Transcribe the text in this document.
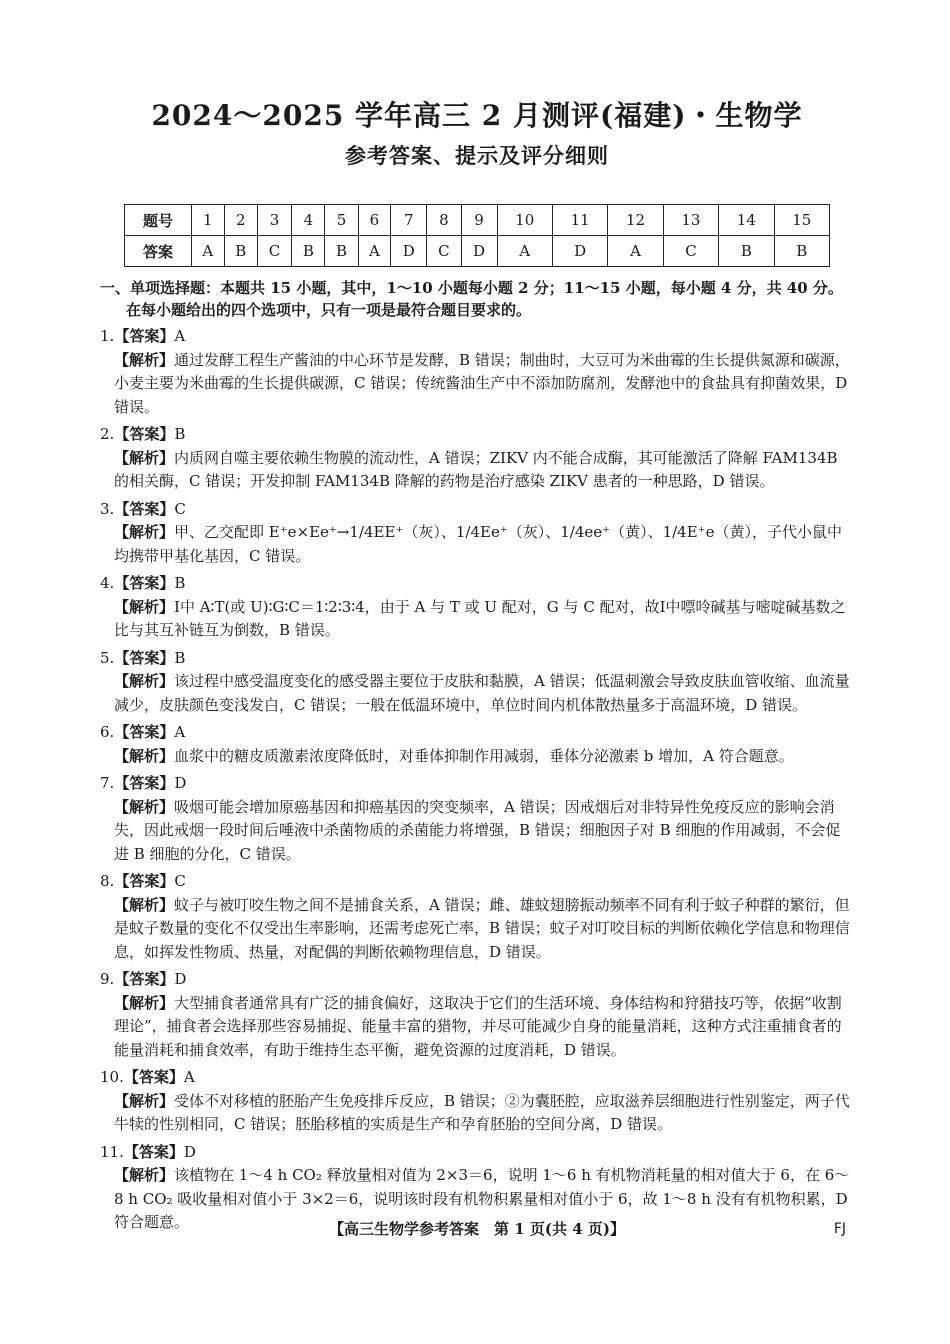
2024～2025 学年高三 2 月测评(福建)・生物学
参考答案、提示及评分细则
题号	1	2	3	4	5	6	7	8	9	10	11	12	13	14	15
答案	A	B	C	B	B	A	D	C	D	A	D	A	C	B	B
一、单项选择题：本题共 15 小题，其中，1～10 小题每小题 2 分；11～15 小题，每小题 4 分，共 40 分。在每小题给出的四个选项中，只有一项是最符合题目要求的。
1.【答案】A
【解析】通过发酵工程生产酱油的中心环节是发酵，B 错误；制曲时，大豆可为米曲霉的生长提供氮源和碳源，小麦主要为米曲霉的生长提供碳源，C 错误；传统酱油生产中不添加防腐剂，发酵池中的食盐具有抑菌效果，D 错误。
2.【答案】B
【解析】内质网自噬主要依赖生物膜的流动性，A 错误；ZIKV 内不能合成酶，其可能激活了降解 FAM134B 的相关酶，C 错误；开发抑制 FAM134B 降解的药物是治疗感染 ZIKV 患者的一种思路，D 错误。
3.【答案】C
【解析】甲、乙交配即 E⁺e×Ee⁺→1/4EE⁺（灰）、1/4Ee⁺（灰）、1/4ee⁺（黄）、1/4E⁺e（黄），子代小鼠中均携带甲基化基因，C 错误。
4.【答案】B
【解析】Ⅰ中 A∶T(或 U)∶G∶C＝1∶2∶3∶4，由于 A 与 T 或 U 配对，G 与 C 配对，故Ⅰ中嘌呤碱基与嘧啶碱基数之比与其互补链互为倒数，B 错误。
5.【答案】B
【解析】该过程中感受温度变化的感受器主要位于皮肤和黏膜，A 错误；低温刺激会导致皮肤血管收缩、血流量减少，皮肤颜色变浅发白，C 错误；一般在低温环境中，单位时间内机体散热量多于高温环境，D 错误。
6.【答案】A
【解析】血浆中的糖皮质激素浓度降低时，对垂体抑制作用减弱，垂体分泌激素 b 增加，A 符合题意。
7.【答案】D
【解析】吸烟可能会增加原癌基因和抑癌基因的突变频率，A 错误；因戒烟后对非特异性免疫反应的影响会消失，因此戒烟一段时间后唾液中杀菌物质的杀菌能力将增强，B 错误；细胞因子对 B 细胞的作用减弱，不会促进 B 细胞的分化，C 错误。
8.【答案】C
【解析】蚊子与被叮咬生物之间不是捕食关系，A 错误；雌、雄蚊翅膀振动频率不同有利于蚊子种群的繁衍，但是蚊子数量的变化不仅受出生率影响，还需考虑死亡率，B 错误；蚊子对叮咬目标的判断依赖化学信息和物理信息，如挥发性物质、热量，对配偶的判断依赖物理信息，D 错误。
9.【答案】D
【解析】大型捕食者通常具有广泛的捕食偏好，这取决于它们的生活环境、身体结构和狩猎技巧等，依据“收割理论”，捕食者会选择那些容易捕捉、能量丰富的猎物，并尽可能减少自身的能量消耗，这种方式注重捕食者的能量消耗和捕食效率，有助于维持生态平衡，避免资源的过度消耗，D 错误。
10.【答案】A
【解析】受体不对移植的胚胎产生免疫排斥反应，B 错误；②为囊胚腔，应取滋养层细胞进行性别鉴定，两子代牛犊的性别相同，C 错误；胚胎移植的实质是生产和孕育胚胎的空间分离，D 错误。
11.【答案】D
【解析】该植物在 1～4 h CO₂ 释放量相对值为 2×3＝6，说明 1～6 h 有机物消耗量的相对值大于 6，在 6～8 h CO₂ 吸收量相对值小于 3×2＝6，说明该时段有机物积累量相对值小于 6，故 1～8 h 没有有机物积累，D 符合题意。	【高三生物学参考答案　第 1 页(共 4 页)】	FJ
